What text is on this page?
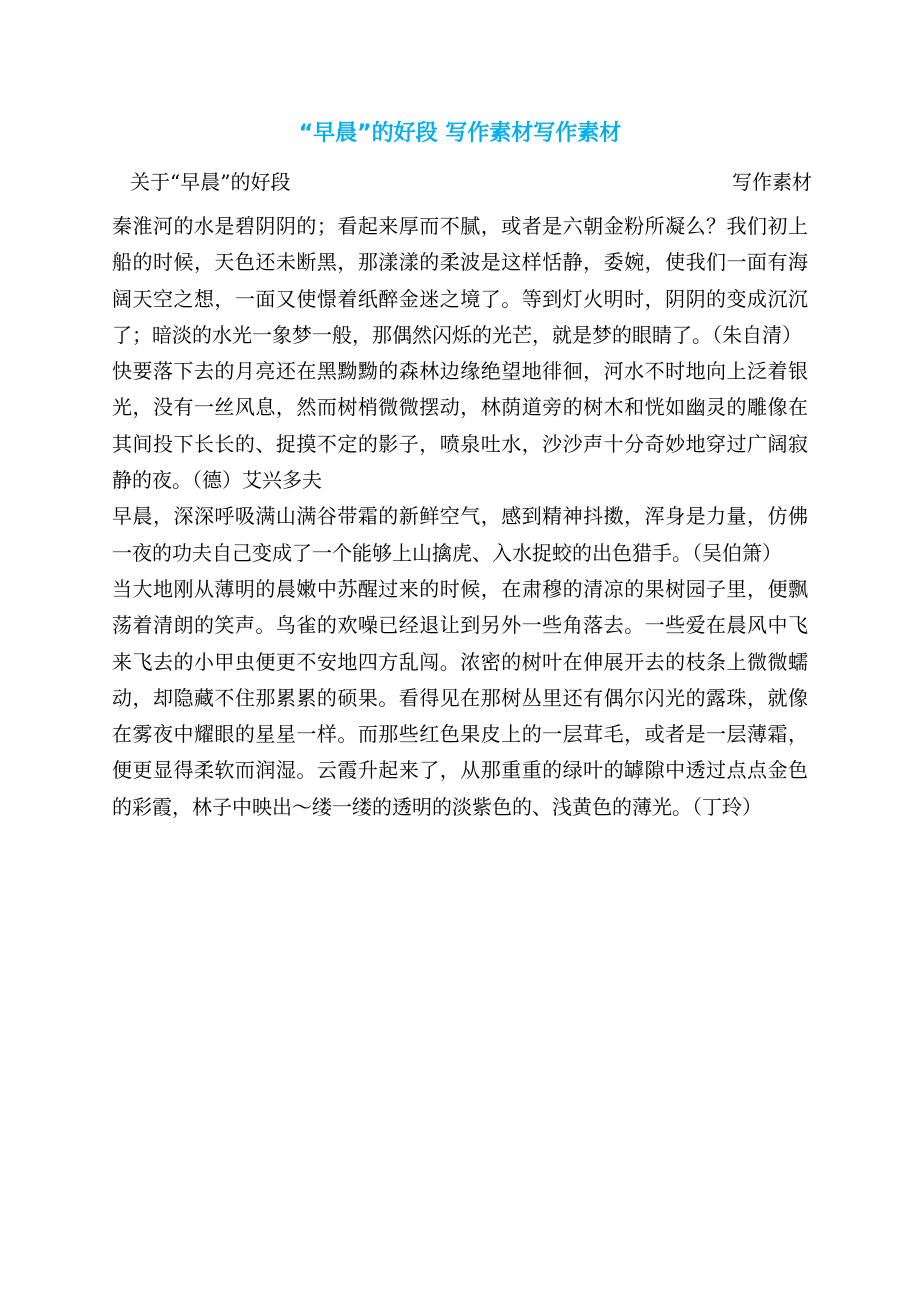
“早晨”的好段 写作素材写作素材
关于“早晨”的好段	写作素材

秦淮河的水是碧阴阴的；看起来厚而不腻，或者是六朝金粉所凝么？我们初上船的时候，天色还未断黑，那漾漾的柔波是这样恬静，委婉，使我们一面有海阔天空之想，一面又使憬着纸醉金迷之境了。等到灯火明时，阴阴的变成沉沉了；暗淡的水光一象梦一般，那偶然闪烁的光芒，就是梦的眼睛了。（朱自清）

快要落下去的月亮还在黑黝黝的森林边缘绝望地徘徊，河水不时地向上泛着银光，没有一丝风息，然而树梢微微摆动，林荫道旁的树木和恍如幽灵的雕像在其间投下长长的、捉摸不定的影子，喷泉吐水，沙沙声十分奇妙地穿过广阔寂静的夜。（德）艾兴多夫

早晨，深深呼吸满山满谷带霜的新鲜空气，感到精神抖擞，浑身是力量，仿佛一夜的功夫自己变成了一个能够上山擒虎、入水捉蛟的出色猎手。（吴伯箫）

当大地刚从薄明的晨嫩中苏醒过来的时候，在肃穆的清凉的果树园子里，便飘荡着清朗的笑声。鸟雀的欢噪已经退让到另外一些角落去。一些爱在晨风中飞来飞去的小甲虫便更不安地四方乱闯。浓密的树叶在伸展开去的枝条上微微蠕动，却隐藏不住那累累的硕果。看得见在那树丛里还有偶尔闪光的露珠，就像在雾夜中耀眼的星星一样。而那些红色果皮上的一层茸毛，或者是一层薄霜，便更显得柔软而润湿。云霞升起来了，从那重重的绿叶的罅隙中透过点点金色的彩霞，林子中映出～缕一缕的透明的淡紫色的、浅黄色的薄光。（丁玲）
